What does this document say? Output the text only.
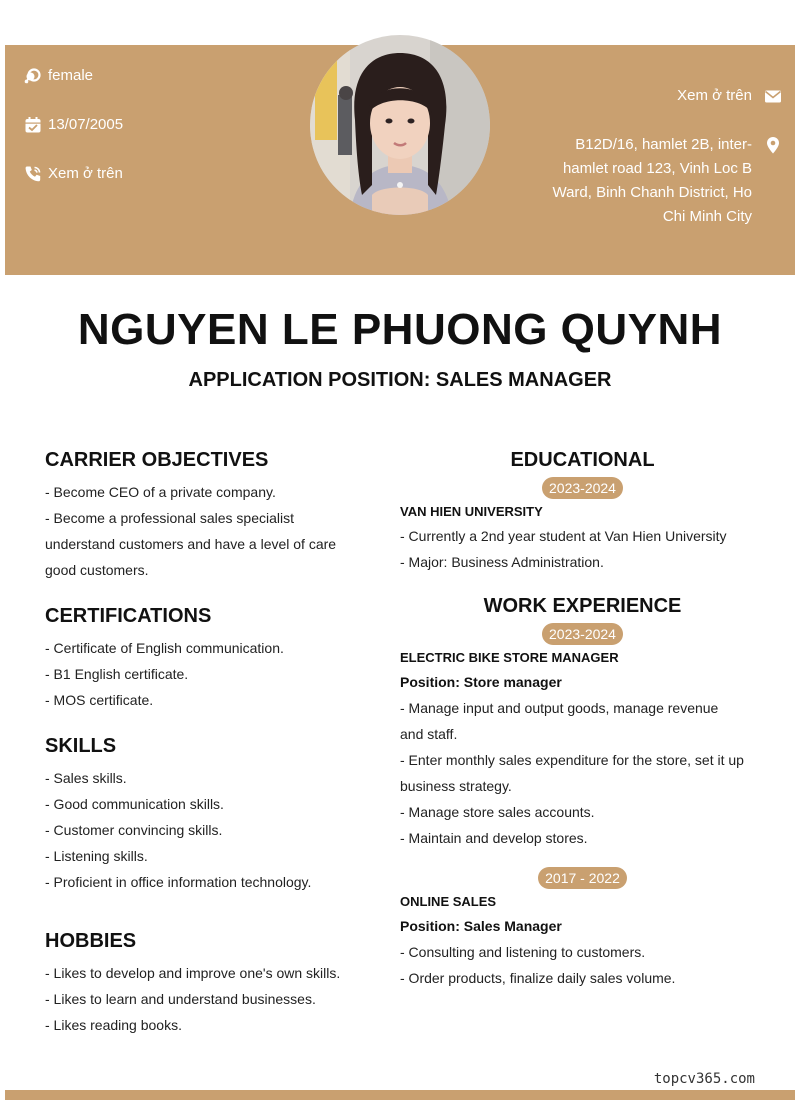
female
13/07/2005
Xem ở trên
Xem ở trên
B12D/16, hamlet 2B, inter-
hamlet road 123, Vinh Loc B
Ward, Binh Chanh District, Ho
Chi Minh City
NGUYEN LE PHUONG QUYNH
APPLICATION POSITION: SALES MANAGER
CARRIER OBJECTIVES
- Become CEO of a private company.
- Become a professional sales specialist
understand customers and have a level of care
good customers.
CERTIFICATIONS
- Certificate of English communication.
- B1 English certificate.
- MOS certificate.
SKILLS
- Sales skills.
- Good communication skills.
- Customer convincing skills.
- Listening skills.
- Proficient in office information technology.
HOBBIES
- Likes to develop and improve one's own skills.
- Likes to learn and understand businesses.
- Likes reading books.
EDUCATIONAL
2023-2024
VAN HIEN UNIVERSITY
- Currently a 2nd year student at Van Hien University
- Major: Business Administration.
WORK EXPERIENCE
2023-2024
ELECTRIC BIKE STORE MANAGER
Position: Store manager
- Manage input and output goods, manage revenue
and staff.
- Enter monthly sales expenditure for the store, set it up
business strategy.
- Manage store sales accounts.
- Maintain and develop stores.
2017 - 2022
ONLINE SALES
Position: Sales Manager
- Consulting and listening to customers.
- Order products, finalize daily sales volume.
topcv365.com
